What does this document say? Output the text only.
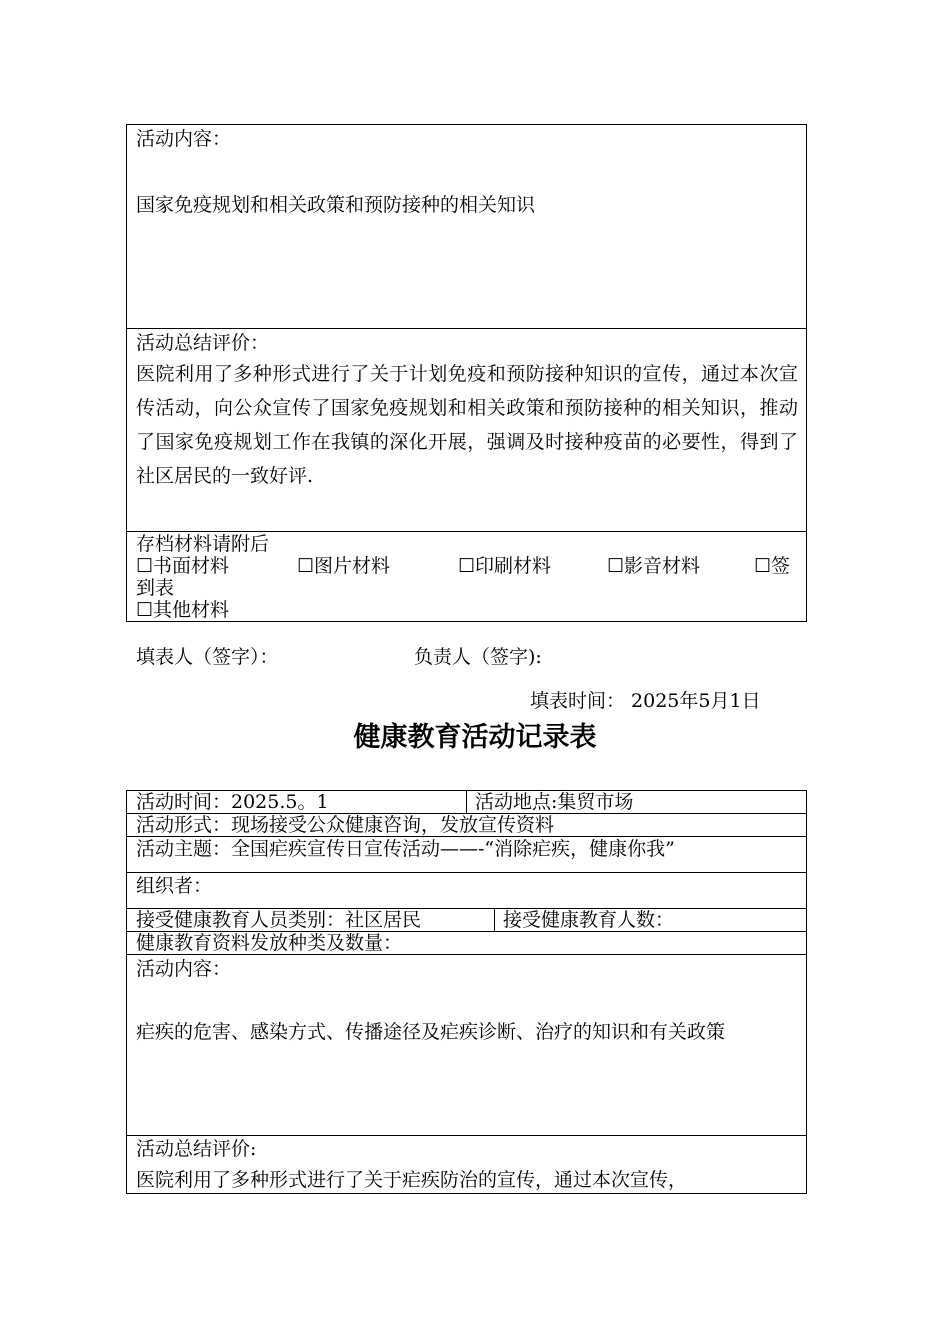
活动内容：
国家免疫规划和相关政策和预防接种的相关知识
活动总结评价：
医院利用了多种形式进行了关于计划免疫和预防接种知识的宣传，通过本次宣传活动，向公众宣传了国家免疫规划和相关政策和预防接种的相关知识，推动了国家免疫规划工作在我镇的深化开展，强调及时接种疫苗的必要性，得到了社区居民的一致好评.
存档材料请附后
☐书面材料	☐图片材料	☐印刷材料	☐影音材料	☐签
到表
☐其他材料
填表人（签字）：	负责人（签字):
填表时间： 2025年5月1日
健康教育活动记录表
活动时间：2025.5。1	活动地点:集贸市场
活动形式：现场接受公众健康咨询，发放宣传资料
活动主题：全国疟疾宣传日宣传活动——-“消除疟疾，健康你我”
组织者：
接受健康教育人员类别：社区居民	接受健康教育人数：
健康教育资料发放种类及数量：
活动内容：
疟疾的危害、感染方式、传播途径及疟疾诊断、治疗的知识和有关政策
活动总结评价:
医院利用了多种形式进行了关于疟疾防治的宣传，通过本次宣传，
